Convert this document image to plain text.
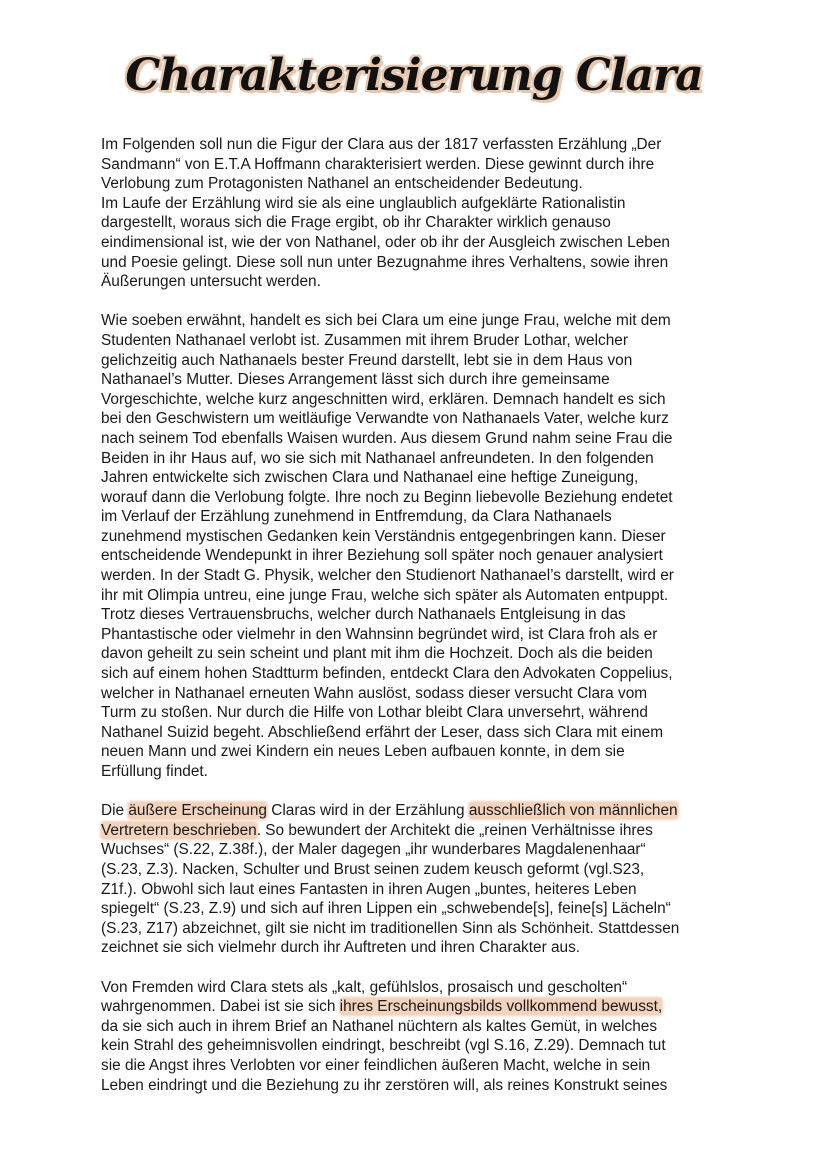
Charakterisierung Clara

Im Folgenden soll nun die Figur der Clara aus der 1817 verfassten Erzählung „Der
Sandmann“ von E.T.A Hoffmann charakterisiert werden. Diese gewinnt durch ihre
Verlobung zum Protagonisten Nathanel an entscheidender Bedeutung.
Im Laufe der Erzählung wird sie als eine unglaublich aufgeklärte Rationalistin
dargestellt, woraus sich die Frage ergibt, ob ihr Charakter wirklich genauso
eindimensional ist, wie der von Nathanel, oder ob ihr der Ausgleich zwischen Leben
und Poesie gelingt. Diese soll nun unter Bezugnahme ihres Verhaltens, sowie ihren
Äußerungen untersucht werden.

Wie soeben erwähnt, handelt es sich bei Clara um eine junge Frau, welche mit dem
Studenten Nathanael verlobt ist. Zusammen mit ihrem Bruder Lothar, welcher
gelichzeitig auch Nathanaels bester Freund darstellt, lebt sie in dem Haus von
Nathanael’s Mutter. Dieses Arrangement lässt sich durch ihre gemeinsame
Vorgeschichte, welche kurz angeschnitten wird, erklären. Demnach handelt es sich
bei den Geschwistern um weitläufige Verwandte von Nathanaels Vater, welche kurz
nach seinem Tod ebenfalls Waisen wurden. Aus diesem Grund nahm seine Frau die
Beiden in ihr Haus auf, wo sie sich mit Nathanael anfreundeten. In den folgenden
Jahren entwickelte sich zwischen Clara und Nathanael eine heftige Zuneigung,
worauf dann die Verlobung folgte. Ihre noch zu Beginn liebevolle Beziehung endetet
im Verlauf der Erzählung zunehmend in Entfremdung, da Clara Nathanaels
zunehmend mystischen Gedanken kein Verständnis entgegenbringen kann. Dieser
entscheidende Wendepunkt in ihrer Beziehung soll später noch genauer analysiert
werden. In der Stadt G. Physik, welcher den Studienort Nathanael’s darstellt, wird er
ihr mit Olimpia untreu, eine junge Frau, welche sich später als Automaten entpuppt.
Trotz dieses Vertrauensbruchs, welcher durch Nathanaels Entgleisung in das
Phantastische oder vielmehr in den Wahnsinn begründet wird, ist Clara froh als er
davon geheilt zu sein scheint und plant mit ihm die Hochzeit. Doch als die beiden
sich auf einem hohen Stadtturm befinden, entdeckt Clara den Advokaten Coppelius,
welcher in Nathanael erneuten Wahn auslöst, sodass dieser versucht Clara vom
Turm zu stoßen. Nur durch die Hilfe von Lothar bleibt Clara unversehrt, während
Nathanel Suizid begeht. Abschließend erfährt der Leser, dass sich Clara mit einem
neuen Mann und zwei Kindern ein neues Leben aufbauen konnte, in dem sie
Erfüllung findet.

Die äußere Erscheinung Claras wird in der Erzählung ausschließlich von männlichen
Vertretern beschrieben. So bewundert der Architekt die „reinen Verhältnisse ihres
Wuchses“ (S.22, Z.38f.), der Maler dagegen „ihr wunderbares Magdalenenhaar“
(S.23, Z.3). Nacken, Schulter und Brust seinen zudem keusch geformt (vgl.S23,
Z1f.). Obwohl sich laut eines Fantasten in ihren Augen „buntes, heiteres Leben
spiegelt“ (S.23, Z.9) und sich auf ihren Lippen ein „schwebende[s], feine[s] Lächeln“
(S.23, Z17) abzeichnet, gilt sie nicht im traditionellen Sinn als Schönheit. Stattdessen
zeichnet sie sich vielmehr durch ihr Auftreten und ihren Charakter aus.

Von Fremden wird Clara stets als „kalt, gefühlslos, prosaisch und gescholten“
wahrgenommen. Dabei ist sie sich ihres Erscheinungsbilds vollkommend bewusst,
da sie sich auch in ihrem Brief an Nathanel nüchtern als kaltes Gemüt, in welches
kein Strahl des geheimnisvollen eindringt, beschreibt (vgl S.16, Z.29). Demnach tut
sie die Angst ihres Verlobten vor einer feindlichen äußeren Macht, welche in sein
Leben eindringt und die Beziehung zu ihr zerstören will, als reines Konstrukt seines
